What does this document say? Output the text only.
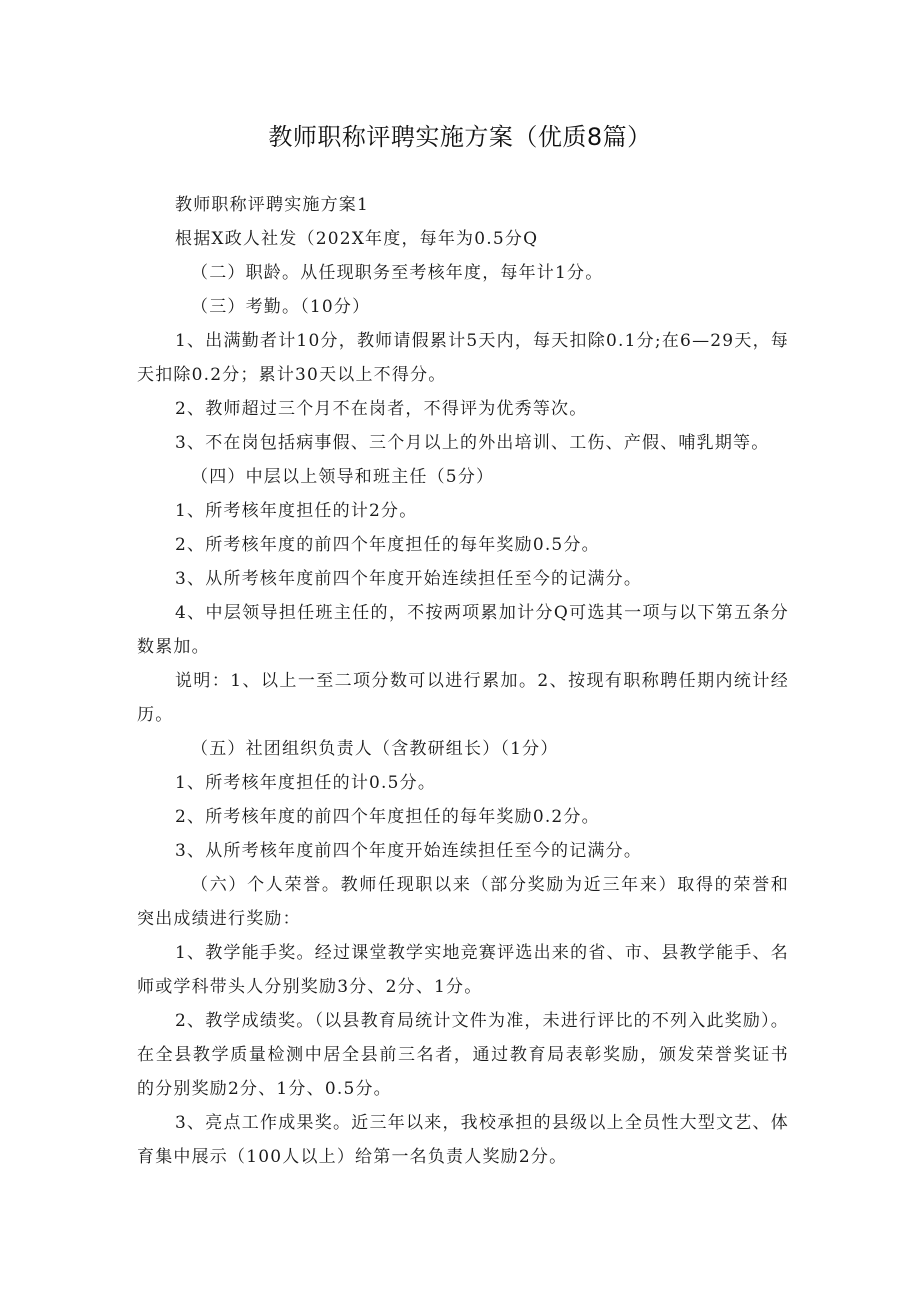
教师职称评聘实施方案（优质8篇）

教师职称评聘实施方案1

根据X政人社发（202X年度，每年为0.5分Q

（二）职龄。从任现职务至考核年度，每年计1分。

（三）考勤。（10分）

1、出满勤者计10分，教师请假累计5天内，每天扣除0.1分;在6—29天，每天扣除0.2分；累计30天以上不得分。

2、教师超过三个月不在岗者，不得评为优秀等次。

3、不在岗包括病事假、三个月以上的外出培训、工伤、产假、哺乳期等。

（四）中层以上领导和班主任（5分）

1、所考核年度担任的计2分。

2、所考核年度的前四个年度担任的每年奖励0.5分。

3、从所考核年度前四个年度开始连续担任至今的记满分。

4、中层领导担任班主任的，不按两项累加计分Q可选其一项与以下第五条分数累加。

说明：1、以上一至二项分数可以进行累加。2、按现有职称聘任期内统计经历。

（五）社团组织负责人（含教研组长）（1分）

1、所考核年度担任的计0.5分。

2、所考核年度的前四个年度担任的每年奖励0.2分。

3、从所考核年度前四个年度开始连续担任至今的记满分。

（六）个人荣誉。教师任现职以来（部分奖励为近三年来）取得的荣誉和突出成绩进行奖励：

1、教学能手奖。经过课堂教学实地竞赛评选出来的省、市、县教学能手、名师或学科带头人分别奖励3分、2分、1分。

2、教学成绩奖。（以县教育局统计文件为准，未进行评比的不列入此奖励）。在全县教学质量检测中居全县前三名者，通过教育局表彰奖励，颁发荣誉奖证书的分别奖励2分、1分、0.5分。

3、亮点工作成果奖。近三年以来，我校承担的县级以上全员性大型文艺、体育集中展示（100人以上）给第一名负责人奖励2分。
